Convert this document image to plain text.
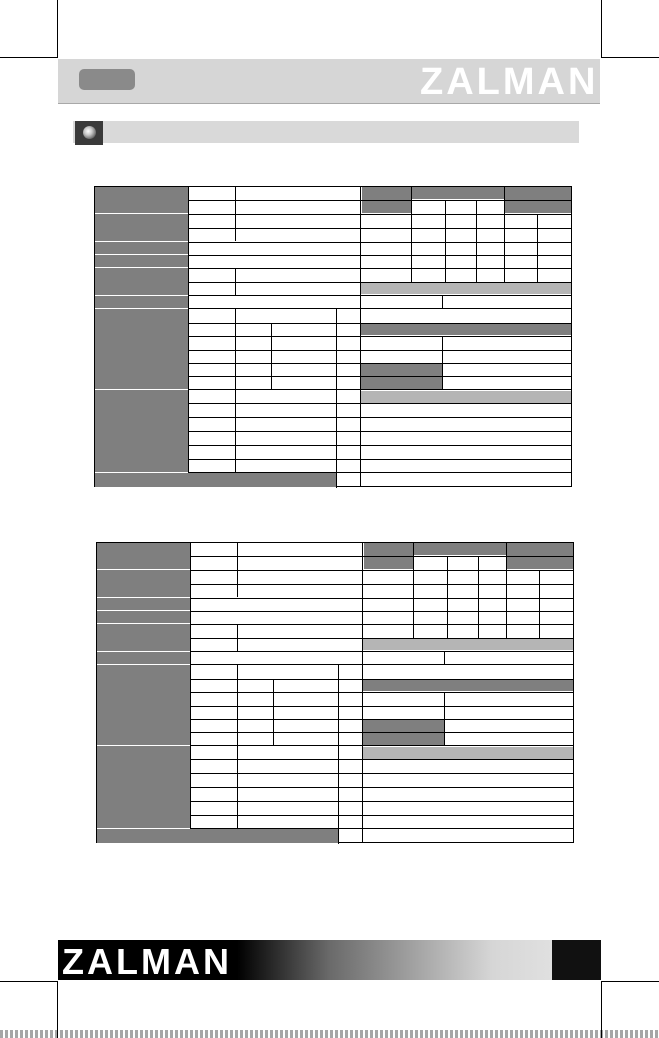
ZALMAN
ZALMAN
